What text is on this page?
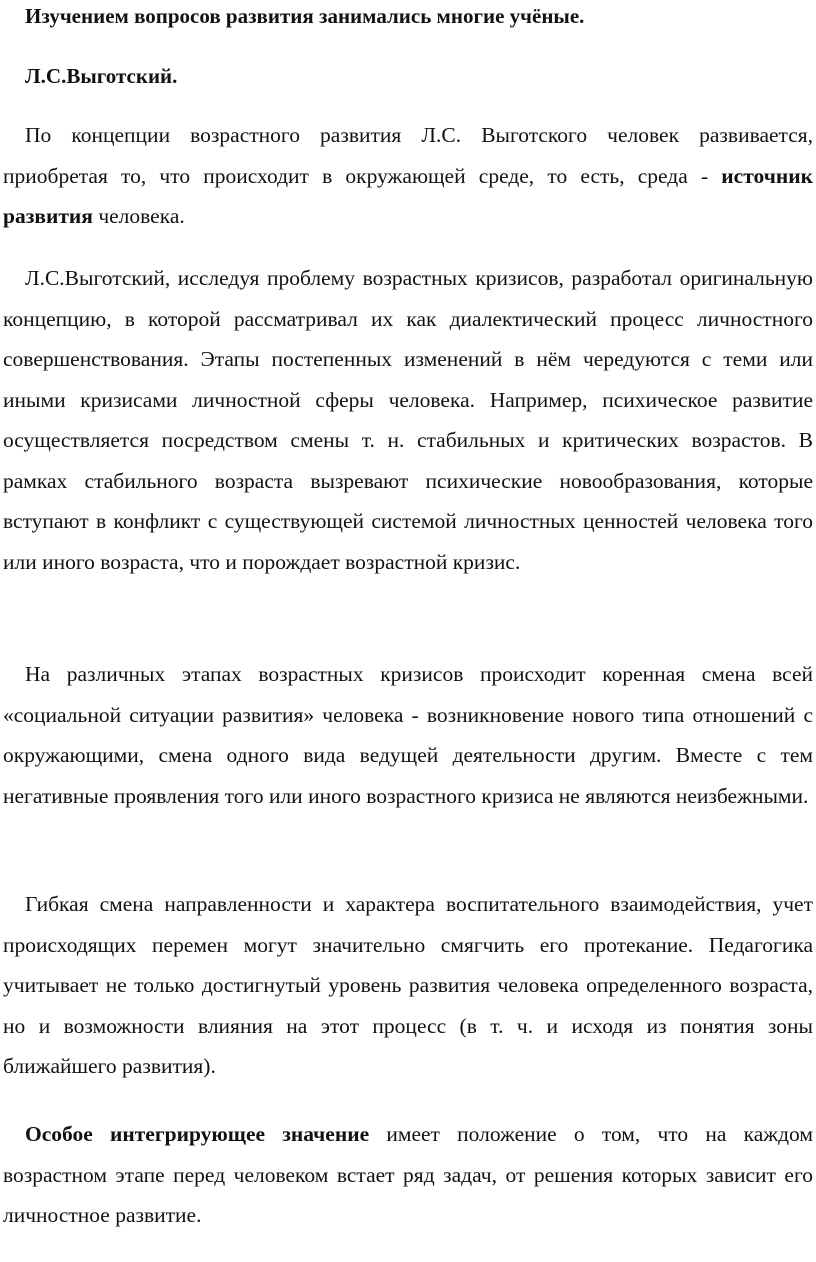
Изучением вопросов развития занимались многие учёные.
Л.С.Выготский.

По концепции возрастного развития Л.С. Выготского человек развивается, приобретая то, что происходит в окружающей среде, то есть, среда - источник развития человека.

Л.С.Выготский, исследуя проблему возрастных кризисов, разработал оригинальную концепцию, в которой рассматривал их как диалектический процесс личностного совершенствования. Этапы постепенных изменений в нём чередуются с теми или иными кризисами личностной сферы человека. Например, психическое развитие осуществляется посредством смены т. н. стабильных и критических возрастов. В рамках стабильного возраста вызревают психические новообразования, которые вступают в конфликт с существующей системой личностных ценностей человека того или иного возраста, что и порождает возрастной кризис.

На различных этапах возрастных кризисов происходит коренная смена всей «социальной ситуации развития» человека - возникновение нового типа отношений с окружающими, смена одного вида ведущей деятельности другим. Вместе с тем негативные проявления того или иного возрастного кризиса не являются неизбежными.

Гибкая смена направленности и характера воспитательного взаимодействия, учет происходящих перемен могут значительно смягчить его протекание. Педагогика учитывает не только достигнутый уровень развития человека определенного возраста, но и возможности влияния на этот процесс (в т. ч. и исходя из понятия зоны ближайшего развития).

Особое интегрирующее значение имеет положение о том, что на каждом возрастном этапе перед человеком встает ряд задач, от решения которых зависит его личностное развитие.
